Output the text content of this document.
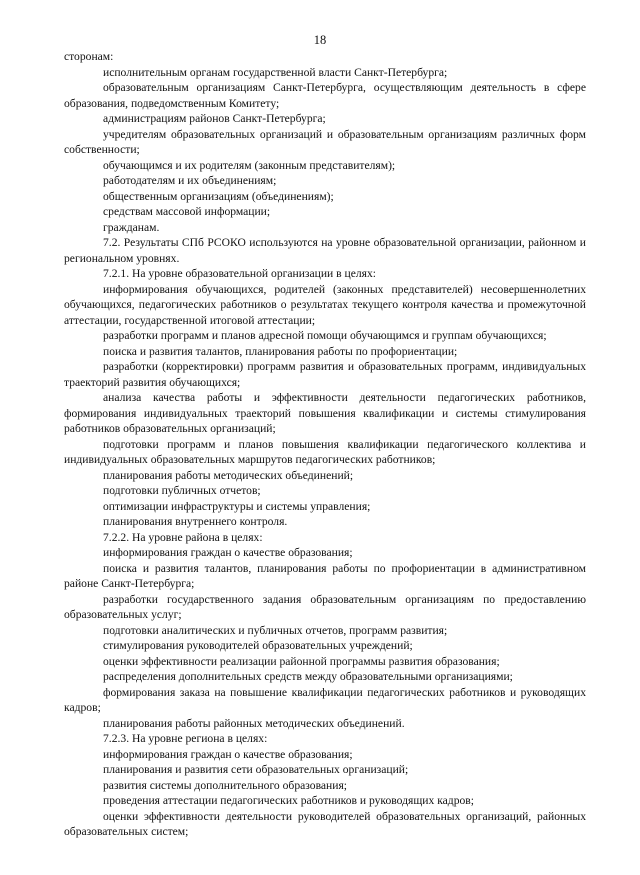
18

сторонам:

исполнительным органам государственной власти Санкт-Петербурга;

образовательным организациям Санкт-Петербурга, осуществляющим деятельность в сфере образования, подведомственным Комитету;

администрациям районов Санкт-Петербурга;

учредителям образовательных организаций и образовательным организациям различных форм собственности;

обучающимся и их родителям (законным представителям);

работодателям и их объединениям;

общественным организациям (объединениям);

средствам массовой информации;

гражданам.

7.2. Результаты СПб РСОКО используются на уровне образовательной организации, районном и региональном уровнях.

7.2.1. На уровне образовательной организации в целях:

информирования обучающихся, родителей (законных представителей) несовершеннолетних обучающихся, педагогических работников о результатах текущего контроля качества и промежуточной аттестации, государственной итоговой аттестации;

разработки программ и планов адресной помощи обучающимся и группам обучающихся;

поиска и развития талантов, планирования работы по профориентации;

разработки (корректировки) программ развития и образовательных программ, индивидуальных траекторий развития обучающихся;

анализа качества работы и эффективности деятельности педагогических работников, формирования индивидуальных траекторий повышения квалификации и системы стимулирования работников образовательных организаций;

подготовки программ и планов повышения квалификации педагогического коллектива и индивидуальных образовательных маршрутов педагогических работников;

планирования работы методических объединений;

подготовки публичных отчетов;

оптимизации инфраструктуры и системы управления;

планирования внутреннего контроля.

7.2.2. На уровне района в целях:

информирования граждан о качестве образования;

поиска и развития талантов, планирования работы по профориентации в административном районе Санкт-Петербурга;

разработки государственного задания образовательным организациям по предоставлению образовательных услуг;

подготовки аналитических и публичных отчетов, программ развития;

стимулирования руководителей образовательных учреждений;

оценки эффективности реализации районной программы развития образования;

распределения дополнительных средств между образовательными организациями;

формирования заказа на повышение квалификации педагогических работников и руководящих кадров;

планирования работы районных методических объединений.

7.2.3. На уровне региона в целях:

информирования граждан о качестве образования;

планирования и развития сети образовательных организаций;

развития системы дополнительного образования;

проведения аттестации педагогических работников и руководящих кадров;

оценки эффективности деятельности руководителей образовательных организаций, районных образовательных систем;
